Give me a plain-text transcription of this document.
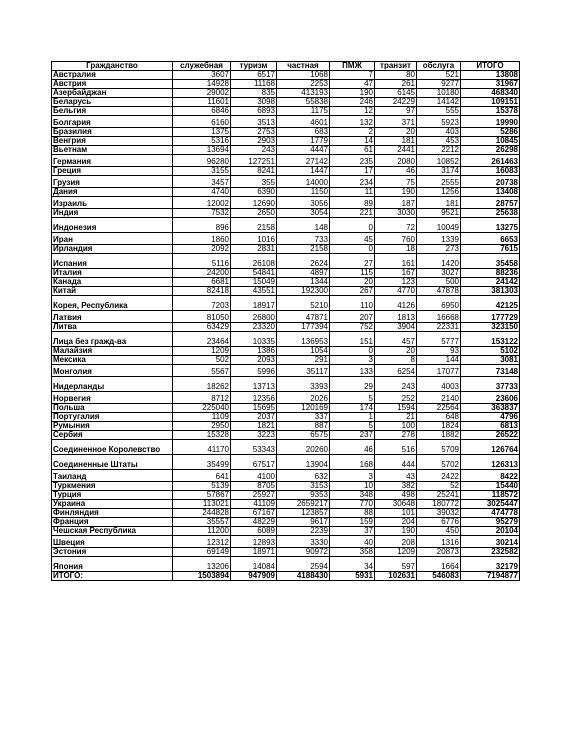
Гражданство	служебная	туризм	частная	ПМЖ	транзит	обслуга	ИТОГО
Австралия	3607	6517	1068	7	80	521	13808
Австрия	14928	11168	2253	47	261	9277	31967
Азербайджан	29002	835	413193	190	6145	10180	468340
Беларусь	11601	3098	55838	246	24229	14142	109151
Бельгия	6846	6893	1175	12	97	555	15378
Болгария	6160	3513	4601	132	371	5923	19990
Бразилия	1375	2753	683	2	20	403	5286
Венгрия	5316	2903	1779	14	181	453	10845
Вьетнам	13694	243	4447	61	2441	2212	26298
Германия	96280	127251	27142	235	2080	10852	261463
Греция	3155	8241	1447	17	46	3174	16083
Грузия	3457	355	14000	234	75	2555	20738
Дания	4740	6390	1150	11	190	1256	13408
Израиль	12002	12690	3056	89	187	181	28757
Индия	7532	2650	3054	221	3030	9521	25638
Индонезия	896	2158	148	0	72	10049	13275
Иран	1860	1016	733	45	760	1339	6653
Ирландия	2092	2831	2158	0	18	273	7615
Испания	5116	26108	2624	27	161	1420	35458
Италия	24200	54841	4897	115	167	3027	88236
Канада	6681	15049	1344	20	123	500	24142
Китай	82418	43551	192300	267	4770	47878	381303
Корея, Республика	7203	18917	5210	110	4126	6950	42125
Латвия	81050	26800	47871	207	1813	16668	177729
Литва	63429	23320	177394	752	3904	22331	323150
Лица без гражд-ва	23464	10335	136953	151	457	5777	153122
Малайзия	1209	1386	1054	0	20	93	5102
Мексика	502	2093	291	3	8	144	3081
Монголия	5567	5996	35117	133	6254	17077	73148
Нидерланды	18262	13713	3393	29	243	4003	37733
Норвегия	8712	12356	2026	5	252	2140	23606
Польша	225040	15695	120169	174	1594	22564	363837
Португалия	1109	2037	337	1	21	648	4796
Румыния	2950	1821	887	5	100	1824	6813
Сербия	15328	3223	6575	237	278	1882	26522
Соединенное Королевство	41170	53343	20260	46	516	5709	126764
Соединенные Штаты	35499	67517	13904	168	444	5702	126313
Таиланд	641	4100	632	3	43	2422	8422
Туркмения	5139	8705	3153	10	382	52	15440
Турция	57867	25927	9353	348	498	25241	118572
Украина	113021	41109	2659217	770	30648	180772	3025447
Финляндия	244828	67167	123857	88	101	39032	474778
Франция	35557	48229	9617	159	204	6776	95279
Чешская Республика	11200	6089	2239	37	190	450	20104
Швеция	12312	12893	3330	40	208	1316	30214
Эстония	69149	18971	90972	358	1209	20873	232582
Япония	13206	14084	2594	34	597	1664	32179
ИТОГО:	1503894	947909	4188430	5931	102631	546083	7194877
